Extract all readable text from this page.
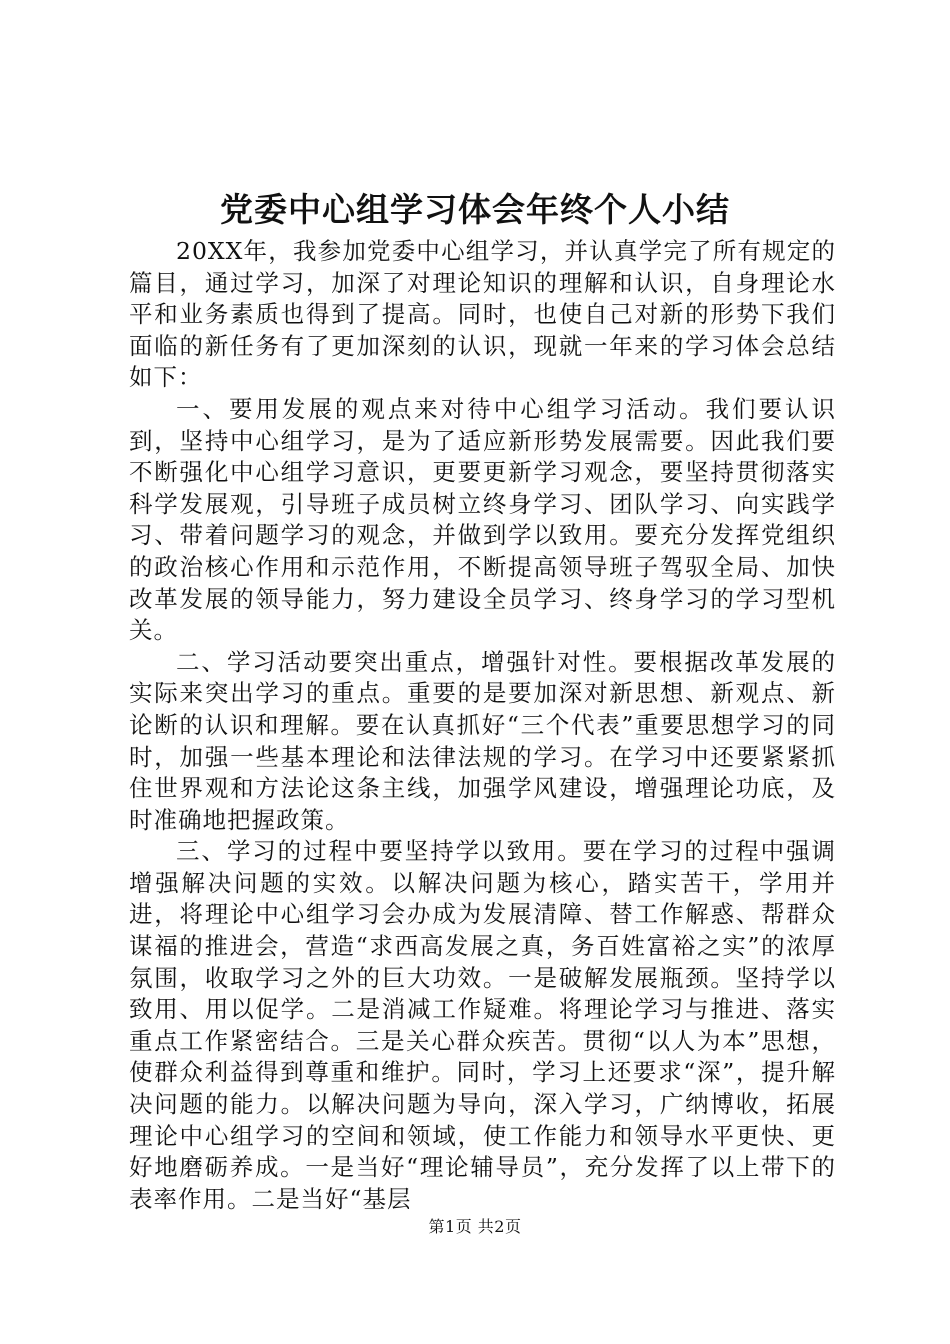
党委中心组学习体会年终个人小结

20XX年，我参加党委中心组学习，并认真学完了所有规定的篇目，通过学习，加深了对理论知识的理解和认识，自身理论水平和业务素质也得到了提高。同时，也使自己对新的形势下我们面临的新任务有了更加深刻的认识，现就一年来的学习体会总结如下：

一、要用发展的观点来对待中心组学习活动。我们要认识到，坚持中心组学习，是为了适应新形势发展需要。因此我们要不断强化中心组学习意识，更要更新学习观念，要坚持贯彻落实科学发展观，引导班子成员树立终身学习、团队学习、向实践学习、带着问题学习的观念，并做到学以致用。要充分发挥党组织的政治核心作用和示范作用，不断提高领导班子驾驭全局、加快改革发展的领导能力，努力建设全员学习、终身学习的学习型机关。

二、学习活动要突出重点，增强针对性。要根据改革发展的实际来突出学习的重点。重要的是要加深对新思想、新观点、新论断的认识和理解。要在认真抓好“三个代表”重要思想学习的同时，加强一些基本理论和法律法规的学习。在学习中还要紧紧抓住世界观和方法论这条主线，加强学风建设，增强理论功底，及时准确地把握政策。

三、学习的过程中要坚持学以致用。要在学习的过程中强调增强解决问题的实效。以解决问题为核心，踏实苦干，学用并进，将理论中心组学习会办成为发展清障、替工作解惑、帮群众谋福的推进会，营造“求西高发展之真，务百姓富裕之实”的浓厚氛围，收取学习之外的巨大功效。一是破解发展瓶颈。坚持学以致用、用以促学。二是消减工作疑难。将理论学习与推进、落实重点工作紧密结合。三是关心群众疾苦。贯彻“以人为本”思想，使群众利益得到尊重和维护。同时，学习上还要求“深”，提升解决问题的能力。以解决问题为导向，深入学习，广纳博收，拓展理论中心组学习的空间和领域，使工作能力和领导水平更快、更好地磨砺养成。一是当好“理论辅导员”，充分发挥了以上带下的表率作用。二是当好“基层

第1页 共2页
